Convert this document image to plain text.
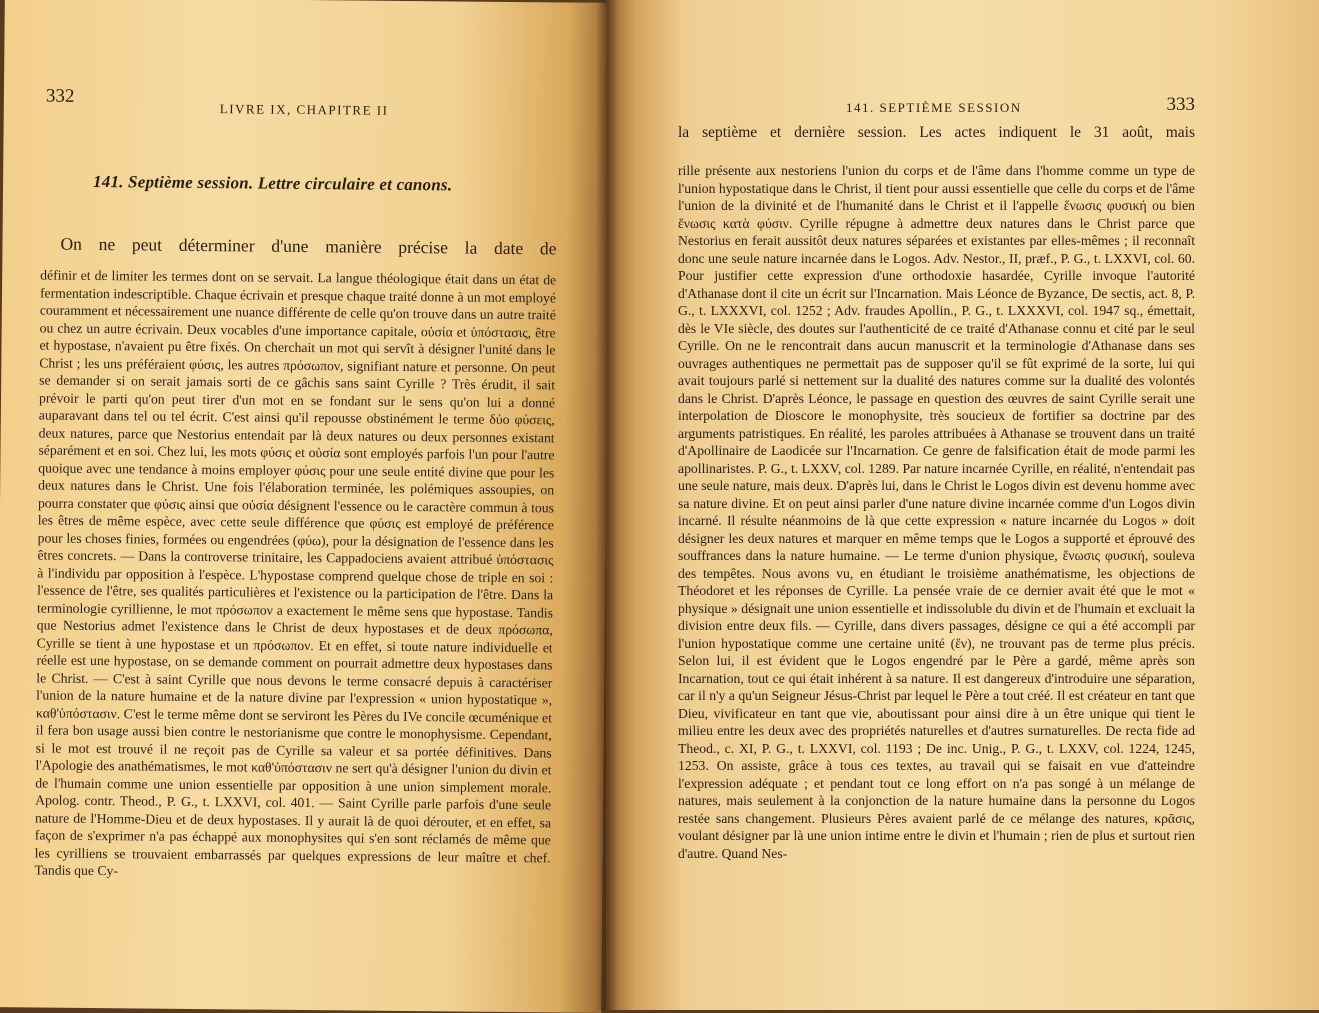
332
LIVRE IX, CHAPITRE II
141. Septième session. Lettre circulaire et canons.

On ne peut déterminer d'une manière précise la date de

définir et de limiter les termes dont on se servait. La langue théologique était dans un état de fermentation indescriptible. Chaque écrivain et presque chaque traité donne à un mot employé couramment et nécessairement une nuance différente de celle qu'on trouve dans un autre traité ou chez un autre écrivain. Deux vocables d'une importance capitale, οὐσία et ὑπόστασις, être et hypostase, n'avaient pu être fixés. On cherchait un mot qui servît à désigner l'unité dans le Christ ; les uns préféraient φύσις, les autres πρόσωπον, signifiant nature et personne. On peut se demander si on serait jamais sorti de ce gâchis sans saint Cyrille ? Très érudit, il sait prévoir le parti qu'on peut tirer d'un mot en se fondant sur le sens qu'on lui a donné auparavant dans tel ou tel écrit. C'est ainsi qu'il repousse obstinément le terme δύο φύσεις, deux natures, parce que Nestorius entendait par là deux natures ou deux personnes existant séparément et en soi. Chez lui, les mots φύσις et οὐσία sont employés parfois l'un pour l'autre quoique avec une tendance à moins employer φύσις pour une seule entité divine que pour les deux natures dans le Christ. Une fois l'élaboration terminée, les polémiques assoupies, on pourra constater que φύσις ainsi que οὐσία désignent l'essence ou le caractère commun à tous les êtres de même espèce, avec cette seule différence que φύσις est employé de préférence pour les choses finies, formées ou engendrées (φύω), pour la désignation de l'essence dans les êtres concrets. — Dans la controverse trinitaire, les Cappadociens avaient attribué ὑπόστασις à l'individu par opposition à l'espèce. L'hypostase comprend quelque chose de triple en soi : l'essence de l'être, ses qualités particulières et l'existence ou la participation de l'être. Dans la terminologie cyrillienne, le mot πρόσωπον a exactement le même sens que hypostase. Tandis que Nestorius admet l'existence dans le Christ de deux hypostases et de deux πρόσωπα, Cyrille se tient à une hypostase et un πρόσωπον. Et en effet, si toute nature individuelle et réelle est une hypostase, on se demande comment on pourrait admettre deux hypostases dans le Christ. — C'est à saint Cyrille que nous devons le terme consacré depuis à caractériser l'union de la nature humaine et de la nature divine par l'expression « union hypostatique », καθ'ὑπόστασιν. C'est le terme même dont se serviront les Pères du IVe concile œcuménique et il fera bon usage aussi bien contre le nestorianisme que contre le monophysisme. Cependant, si le mot est trouvé il ne reçoit pas de Cyrille sa valeur et sa portée définitives. Dans l'Apologie des anathématismes, le mot καθ'ὑπόστασιν ne sert qu'à désigner l'union du divin et de l'humain comme une union essentielle par opposition à une union simplement morale. Apolog. contr. Theod., P. G., t. LXXVI, col. 401. — Saint Cyrille parle parfois d'une seule nature de l'Homme-Dieu et de deux hypostases. Il y aurait là de quoi dérouter, et en effet, sa façon de s'exprimer n'a pas échappé aux monophysites qui s'en sont réclamés de même que les cyrilliens se trouvaient embarrassés par quelques expressions de leur maître et chef. Tandis que Cy-

141. SEPTIÈME SESSION	333

la septième et dernière session. Les actes indiquent le 31 août, mais

rille présente aux nestoriens l'union du corps et de l'âme dans l'homme comme un type de l'union hypostatique dans le Christ, il tient pour aussi essentielle que celle du corps et de l'âme l'union de la divinité et de l'humanité dans le Christ et il l'appelle ἕνωσις φυσική ou bien ἕνωσις κατὰ φύσιν. Cyrille répugne à admettre deux natures dans le Christ parce que Nestorius en ferait aussitôt deux natures séparées et existantes par elles-mêmes ; il reconnaît donc une seule nature incarnée dans le Logos. Adv. Nestor., II, præf., P. G., t. LXXVI, col. 60. Pour justifier cette expression d'une orthodoxie hasardée, Cyrille invoque l'autorité d'Athanase dont il cite un écrit sur l'Incarnation. Mais Léonce de Byzance, De sectis, act. 8, P. G., t. LXXXVI, col. 1252 ; Adv. fraudes Apollin., P. G., t. LXXXVI, col. 1947 sq., émettait, dès le VIe siècle, des doutes sur l'authenticité de ce traité d'Athanase connu et cité par le seul Cyrille. On ne le rencontrait dans aucun manuscrit et la terminologie d'Athanase dans ses ouvrages authentiques ne permettait pas de supposer qu'il se fût exprimé de la sorte, lui qui avait toujours parlé si nettement sur la dualité des natures comme sur la dualité des volontés dans le Christ. D'après Léonce, le passage en question des œuvres de saint Cyrille serait une interpolation de Dioscore le monophysite, très soucieux de fortifier sa doctrine par des arguments patristiques. En réalité, les paroles attribuées à Athanase se trouvent dans un traité d'Apollinaire de Laodicée sur l'Incarnation. Ce genre de falsification était de mode parmi les apollinaristes. P. G., t. LXXV, col. 1289. Par nature incarnée Cyrille, en réalité, n'entendait pas une seule nature, mais deux. D'après lui, dans le Christ le Logos divin est devenu homme avec sa nature divine. Et on peut ainsi parler d'une nature divine incarnée comme d'un Logos divin incarné. Il résulte néanmoins de là que cette expression « nature incarnée du Logos » doit désigner les deux natures et marquer en même temps que le Logos a supporté et éprouvé des souffrances dans la nature humaine. — Le terme d'union physique, ἕνωσις φυσική, souleva des tempêtes. Nous avons vu, en étudiant le troisième anathématisme, les objections de Théodoret et les réponses de Cyrille. La pensée vraie de ce dernier avait été que le mot « physique » désignait une union essentielle et indissoluble du divin et de l'humain et excluait la division entre deux fils. — Cyrille, dans divers passages, désigne ce qui a été accompli par l'union hypostatique comme une certaine unité (ἕν), ne trouvant pas de terme plus précis. Selon lui, il est évident que le Logos engendré par le Père a gardé, même après son Incarnation, tout ce qui était inhérent à sa nature. Il est dangereux d'introduire une séparation, car il n'y a qu'un Seigneur Jésus-Christ par lequel le Père a tout créé. Il est créateur en tant que Dieu, vivificateur en tant que vie, aboutissant pour ainsi dire à un être unique qui tient le milieu entre les deux avec des propriétés naturelles et d'autres surnaturelles. De recta fide ad Theod., c. XI, P. G., t. LXXVI, col. 1193 ; De inc. Unig., P. G., t. LXXV, col. 1224, 1245, 1253. On assiste, grâce à tous ces textes, au travail qui se faisait en vue d'atteindre l'expression adéquate ; et pendant tout ce long effort on n'a pas songé à un mélange de natures, mais seulement à la conjonction de la nature humaine dans la personne du Logos restée sans changement. Plusieurs Pères avaient parlé de ce mélange des natures, κρᾶσις, voulant désigner par là une union intime entre le divin et l'humain ; rien de plus et surtout rien d'autre. Quand Nes-
